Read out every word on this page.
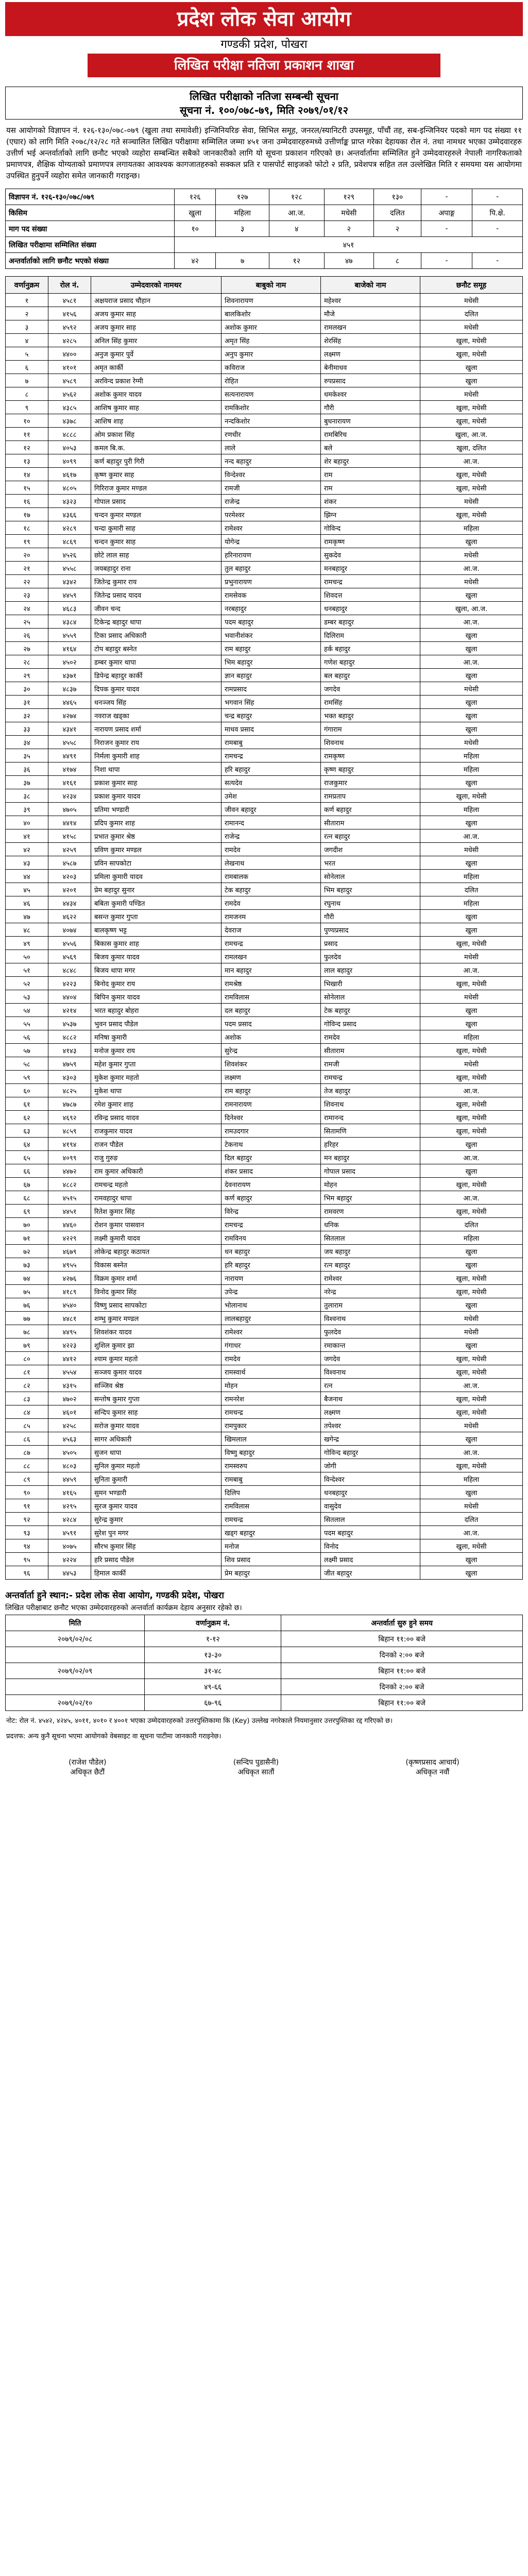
प्रदेश लोक सेवा आयोग
गण्डकी प्रदेश, पोखरा
लिखित परीक्षा नतिजा प्रकाशन शाखा
लिखित परीक्षाको नतिजा सम्बन्धी सूचना
सूचना नं. १००/०७८-७९, मिति २०७९/०१/१२
यस आयोगको विज्ञापन नं. १२६-१३०/०७८-०७९ (खुला तथा समावेशी) इन्जिनियरिङ सेवा, सिभिल समूह, जनरल/स्यानिटरी उपसमूह, पाँचौं तह, सब-इन्जिनियर पदको माग पद संख्या ११ (एघार) को लागि मिति २०७८/१२/२८ गते सञ्चालित लिखित परीक्षामा सम्मिलित जम्मा ४५१ जना उम्मेदवारहरुमध्ये उत्तीर्णाङ्क प्राप्त गरेका देहायका रोल नं. तथा नामथर भएका उम्मेदवारहरु उत्तीर्ण भई अन्तर्वार्ताको लागि छनौट भएको व्यहोरा सम्बन्धित सबैको जानकारीको लागि यो सूचना प्रकाशन गरिएको छ। अन्तर्वार्तामा सम्मिलित हुने उम्मेदवारहरुले नेपाली नागरिकताको प्रमाणपत्र, शैक्षिक योग्यताको प्रमाणपत्र लगायतका आवश्यक कागजातहरुको सक्कल प्रति र पासपोर्ट साइजको फोटो २ प्रति, प्रवेशपत्र सहित तल उल्लेखित मिति र समयमा यस आयोगमा उपस्थित हुनुपर्ने व्यहोरा समेत जानकारी गराइन्छ।
विज्ञापन नं. १२६-१३०/०७८/०७९	१२६	१२७	१२८	१२९	१३०	-	-
किसिम	खुला	महिला	आ.ज.	मधेसी	दलित	अपाङ्ग	पि.क्षे.
माग पद संख्या	१०	३	४	२	२	-	-
लिखित परीक्षामा सम्मिलित संख्या	४५१						
अन्तर्वार्ताको लागि छनौट भएको संख्या	४२	७	१२	४७	८	-	-
वर्णानुक्रम	रोल नं.	उम्मेदवारको नामथर	बाबुको नाम	बाजेको नाम	छनौट समूह
१	४५८१	अक्षयराज प्रसाद चौहान	शिवनारायण	महेश्वर	मधेसी
२	४१५६	अजय कुमार साह	बालकिशोर	मौजे	दलित
३	४५९२	अजय कुमार साह	अशोक कुमार	रामलखन	मधेसी
४	४२८५	अनिल सिंह कुमार	अमृत सिंह	शेरसिंह	खुला, मधेसी
५	४४००	अनुज कुमार पुर्वे	अनुप कुमार	लक्ष्मण	खुला, मधेसी
६	४१०१	अमृत कार्की	कविराज	बेनीमाधव	खुला
७	४५८९	अरविन्द प्रकाश रेग्मी	रोहित	रुपप्रसाद	खुला
८	४५६२	अशोक कुमार यादव	सत्यनारायण	धमकेश्वर	मधेसी
९	४३८५	आशिष कुमार साह	रामकिशोर	गौरी	खुला, मधेसी
१०	४३७८	आशिष शाह	नन्दकिशोर	बुधनारायण	खुला, मधेसी
११	४८८८	ओम प्रकाश सिंह	रणधीर	रामबिरिच	खुला, आ.ज.
१२	४०५३	कमल बि.क.	लाले	बले	खुला, दलित
१३	४०९९	कर्ण बहादुर पुरी गिरी	नन्द बहादुर	शेर बहादुर	आ.ज.
१४	४६१७	कृष्ण कुमार साह	विन्देश्वर	राम	खुला, मधेसी
१५	४८०५	गिरिराज कुमार मण्डल	रामजी	राम	खुला, मधेसी
१६	४३२३	गोपाल प्रसाद	राजेन्द्र	शंकर	मधेसी
१७	४३६६	चन्दन कुमार मण्डल	परमेश्वर	झिग्न	खुला, मधेसी
१८	४२८९	चन्दा कुमारी साह	रामेश्वर	गोविन्द	महिला
१९	४८६९	चन्दन कुमार साह	योगेन्द्र	रामकृष्ण	खुला
२०	४५२६	छोटे लाल साह	हरिनारायण	सुकदेव	मधेसी
२१	४५५८	जयबहादुर राना	तुल बहादुर	मनबहादुर	आ.ज.
२२	४३४२	जितेन्द्र कुमार राय	प्रभुनारायण	रामचन्द्र	मधेसी
२३	४४५९	जितेन्द्र प्रसाद यादव	रामसेवक	शिवदत्त	खुला
२४	४६८३	जीवन चन्द	नरबहादुर	धनबहादुर	खुला, आ.ज.
२५	४३८४	टिकेन्द्र बहादुर थापा	पदम बहादुर	डम्बर बहादुर	आ.ज.
२६	४५५९	टिका प्रसाद अधिकारी	भवानीशंकर	दिलिराम	खुला
२७	४१६४	टोप बहादुर बस्नेत	राम बहादुर	हर्क बहादुर	खुला
२८	४५०२	डम्बर कुमार थापा	भिम बहादुर	गणेश बहादुर	आ.ज.
२९	४३७१	डिपेन्द्र बहादुर कार्की	ज्ञान बहादुर	बल बहादुर	खुला
३०	४८३७	दिपक कुमार यादव	रामप्रसाद	जगदेव	मधेसी
३१	४४६५	धनञ्जय सिंह	भगवान सिंह	रामसिंह	खुला
३२	४२७४	नवराज खड्का	चन्द्र बहादुर	भक्त बहादुर	खुला
३३	४३४१	नारायण प्रसाद शर्मा	माधव प्रसाद	गंगाराम	खुला
३४	४५५८	निराजन कुमार राय	रामबाबु	शिवनाथ	मधेसी
३५	४४९१	निर्मला कुमारी शाह	रामचन्द्र	रामकृष्ण	महिला
३६	४१७४	निशा थापा	हरि बहादुर	कृष्ण बहादुर	महिला
३७	४१६१	प्रकाश कुमार साह	सत्यदेव	राजकुमार	खुला
३८	४२३४	प्रकाश कुमार यादव	उमेश	रामप्रताप	खुला, मधेसी
३९	४७०५	प्रतिमा भण्डारी	जीवन बहादुर	कर्ण बहादुर	महिला
४०	४४१४	प्रदिप कुमार शाह	रामानन्द	सीताराम	खुला
४१	४१५८	प्रभात कुमार श्रेष्ठ	राजेन्द्र	रत्न बहादुर	आ.ज.
४२	४२५९	प्रविण कुमार मण्डल	रामदेव	जगदीश	मधेसी
४३	४५८७	प्रविन सापकोटा	लेखनाथ	भरत	खुला
४४	४२०३	प्रमिला कुमारी यादव	रामबालक	सोनेलाल	महिला
४५	४२०१	प्रेम बहादुर सुनार	टेक बहादुर	भिम बहादुर	दलित
४६	४४३४	बबिता कुमारी पण्डित	रामदेव	रघुनाथ	महिला
४७	४६२२	बसन्त कुमार गुप्ता	रामजनम	गौरी	खुला
४८	४०७४	बालकृष्ण भट्ट	देवराज	पुण्यप्रसाद	खुला
४९	४५५६	बिकास कुमार शाह	रामचन्द्र	प्रसाद	खुला, मधेसी
५०	४५६९	बिजय कुमार यादव	रामलखन	फुलदेव	मधेसी
५१	४८४८	बिजय थापा मगर	मान बहादुर	लाल बहादुर	आ.ज.
५२	४२२३	बिनोद कुमार राय	रामश्रेष्ठ	भिखारी	खुला, मधेसी
५३	४४०४	बिपिन कुमार यादव	रामविलास	सोनेलाल	मधेसी
५४	४२१४	भरत बहादुर बोहरा	दल बहादुर	टेक बहादुर	खुला
५५	४५३७	भुवन प्रसाद पौडेल	पदम प्रसाद	गोविन्द प्रसाद	खुला
५६	४८८२	मनिषा कुमारी	अशोक	रामदेव	महिला
५७	४१४३	मनोज कुमार राय	सुरेन्द्र	सीताराम	खुला, मधेसी
५८	४७५९	महेश कुमार गुप्ता	शिवशंकर	रामजी	मधेसी
५९	४३०३	मुकेश कुमार महतो	लक्ष्मण	रामचन्द्र	खुला, मधेसी
६०	४८२५	मुकेश थापा	राम बहादुर	तेज बहादुर	आ.ज.
६१	४७८७	रमेश कुमार शाह	रामनारायण	शिवनाथ	खुला, मधेसी
६२	४६९२	रविन्द्र प्रसाद यादव	दिनेश्वर	रामानन्द	खुला, मधेसी
६३	४८५९	राजकुमार यादव	रामउदगार	सितामणि	खुला, मधेसी
६४	४१९४	राजन पौडेल	टेकनाथ	हरिहर	खुला
६५	४०९९	राजु गुरुङ	दिल बहादुर	मन बहादुर	आ.ज.
६६	४४७२	राम कुमार अधिकारी	शंकर प्रसाद	गोपाल प्रसाद	खुला
६७	४८८२	रामचन्द्र महतो	देवनारायण	मोहन	खुला, मधेसी
६८	४५१५	रामवहादुर थापा	कर्ण बहादुर	भिम बहादुर	आ.ज.
६९	४४५१	रितेश कुमार सिंह	विरेन्द्र	रामवरण	खुला, मधेसी
७०	४४६०	रोशन कुमार पासवान	रामचन्द्र	धनिक	दलित
७१	४२२९	लक्ष्मी कुमारी यादव	रामविनय	सितलाल	महिला
७२	४६७९	लोकेन्द्र बहादुर कठायत	धन बहादुर	जय बहादुर	खुला
७३	४९५५	विकास बस्नेत	हरि बहादुर	रत्न बहादुर	खुला
७४	४२७६	विक्रम कुमार शर्मा	नारायण	रामेश्वर	खुला, मधेसी
७५	४१८९	विनोद कुमार सिंह	उपेन्द्र	नरेन्द्र	खुला, मधेसी
७६	४५४०	विष्णु प्रसाद सापकोटा	भोलानाथ	तुलाराम	खुला
७७	४४८१	शम्भु कुमार मण्डल	लालबहादुर	विश्वनाथ	मधेसी
७८	४४९५	शिवशंकर यादव	रामेश्वर	फुलदेव	मधेसी
७९	४२२३	शुशिल कुमार झा	गंगाधर	रमाकान्त	खुला
८०	४४१२	श्याम कुमार महतो	रामदेव	जगदेव	खुला, मधेसी
८१	४५५४	सञ्जय कुमार यादव	रामस्वार्थ	विश्वनाथ	खुला, मधेसी
८२	४३१५	सञ्जिव श्रेष्ठ	मोहन	रत्न	आ.ज.
८३	४७०२	सन्तोष कुमार गुप्ता	रामनरेश	बैजनाथ	खुला, मधेसी
८४	४६०१	सन्दिप कुमार साह	रामचन्द्र	लक्ष्मण	खुला, मधेसी
८५	४२५८	सरोज कुमार यादव	रामपुकार	तपेश्वर	मधेसी
८६	४५६३	सागर अधिकारी	खिमलाल	खगेन्द्र	खुला
८७	४५०५	सुजन थापा	विष्णु बहादुर	गोविन्द बहादुर	आ.ज.
८८	४८०३	सुनिल कुमार महतो	रामस्वरुप	जोगी	खुला, मधेसी
८९	४४५९	सुनिता कुमारी	रामबाबु	विन्देश्वर	महिला
९०	४१६५	सुमन भण्डारी	दिलिप	धनबहादुर	खुला
९१	४२९५	सुरज कुमार यादव	रामविलास	वासुदेव	मधेसी
९२	४२८४	सुरेन्द्र कुमार	रामचन्द्र	सितलाल	दलित
९३	४५९१	सुरेश पुन मगर	खड्ग बहादुर	पदम बहादुर	आ.ज.
९४	४०७५	सौरभ कुमार सिंह	मनोज	विनोद	खुला, मधेसी
९५	४२२४	हरि प्रसाद पौडेल	शिव प्रसाद	लक्ष्मी प्रसाद	खुला
९६	४४५३	हिमाल कार्की	प्रेम बहादुर	जीत बहादुर	खुला
अन्तर्वार्ता हुने स्थान:- प्रदेश लोक सेवा आयोग, गण्डकी प्रदेश, पोखरा
लिखित परीक्षाबाट छनौट भएका उम्मेदवारहरुको अन्तर्वार्ता कार्यक्रम देहाय अनुसार रहेको छ।
मिति	वर्णानुक्रम नं.	अन्तर्वार्ता सुरु हुने समय
२०७९/०२/०८	१-१२	बिहान ११:०० बजे
	१३-३०	दिनको २:०० बजे
२०७९/०२/०९	३१-४८	बिहान ११:०० बजे
	४९-६६	दिनको २:०० बजे
२०७९/०२/१०	६७-९६	बिहान ११:०० बजे
नोट: रोल नं. ४५४२, ४२४५, ४०११, ४०१० र ४००१ भएका उम्मेदवारहरुको उत्तरपुस्तिकामा कि (Key) उल्लेख नगरेकाले नियमानुसार उत्तरपुस्तिका रद्द गरिएको छ।
प्रदत्तफ: अन्य कुनै सूचना भएमा आयोगको वेबसाइट वा सूचना पाटीमा जानकारी गराइनेछ।
(राजेश पौडेल)
अधिकृत छैटौं
(सन्दिप पुडासैनी)
अधिकृत सातौं
(कृष्णप्रसाद आचार्य)
अधिकृत नवौं
